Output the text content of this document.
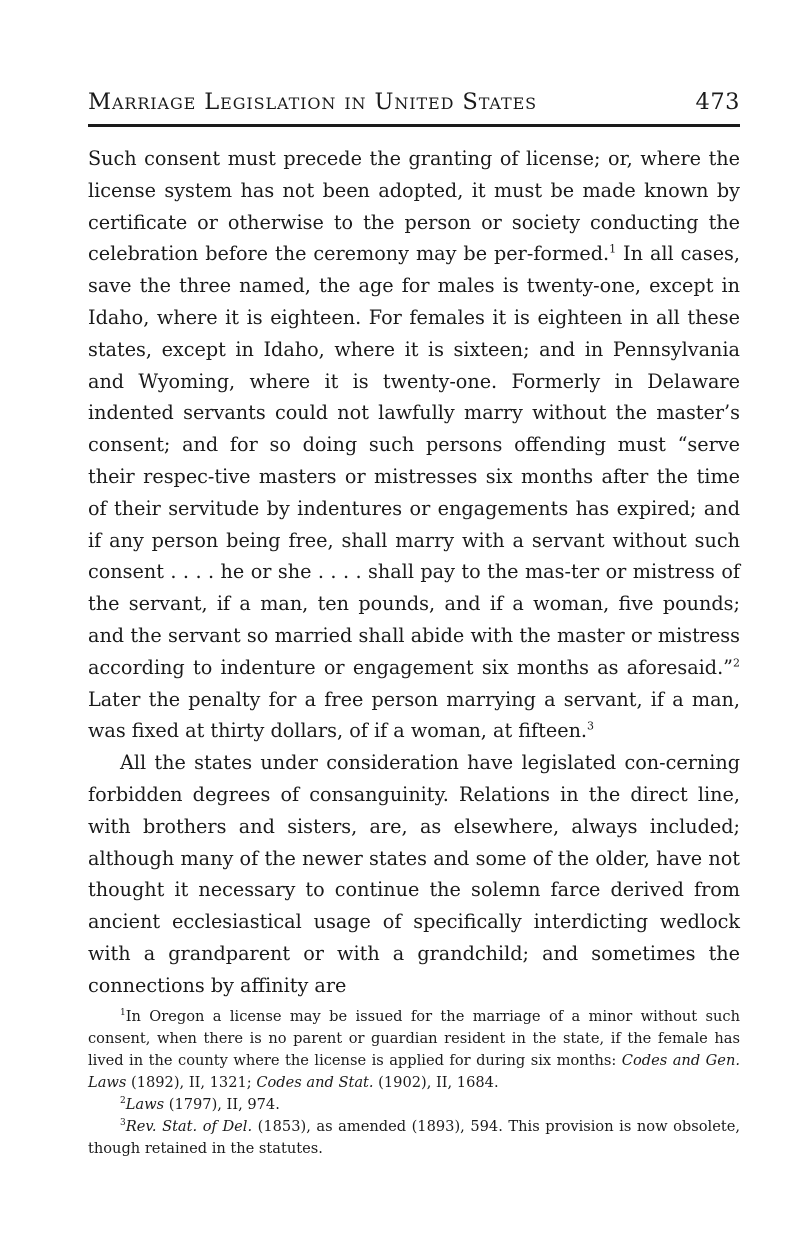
Marriage Legislation in United States	473

Such consent must precede the granting of license; or, where the license system has not been adopted, it must be made known by certificate or otherwise to the person or society conducting the celebration before the ceremony may be per-formed.$^1$ In all cases, save the three named, the age for males is twenty-one, except in Idaho, where it is eighteen. For females it is eighteen in all these states, except in Idaho, where it is sixteen; and in Pennsylvania and Wyoming, where it is twenty-one. Formerly in Delaware indented servants could not lawfully marry without the master’s consent; and for so doing such persons offending must “serve their respec-tive masters or mistresses six months after the time of their servitude by indentures or engagements has expired; and if any person being free, shall marry with a servant without such consent . . . . he or she . . . . shall pay to the mas-ter or mistress of the servant, if a man, ten pounds, and if a woman, five pounds; and the servant so married shall abide with the master or mistress according to indenture or engagement six months as aforesaid.”$^2$ Later the penalty for a free person marrying a servant, if a man, was fixed at thirty dollars, of if a woman, at fifteen.$^3$

All the states under consideration have legislated con-cerning forbidden degrees of consanguinity. Relations in the direct line, with brothers and sisters, are, as elsewhere, always included; although many of the newer states and some of the older, have not thought it necessary to continue the solemn farce derived from ancient ecclesiastical usage of specifically interdicting wedlock with a grandparent or with a grandchild; and sometimes the connections by affinity are

$^1$In Oregon a license may be issued for the marriage of a minor without such consent, when there is no parent or guardian resident in the state, if the female has lived in the county where the license is applied for during six months: Codes and Gen. Laws (1892), II, 1321; Codes and Stat. (1902), II, 1684.

$^2$Laws (1797), II, 974.

$^3$Rev. Stat. of Del. (1853), as amended (1893), 594. This provision is now obsolete, though retained in the statutes.
